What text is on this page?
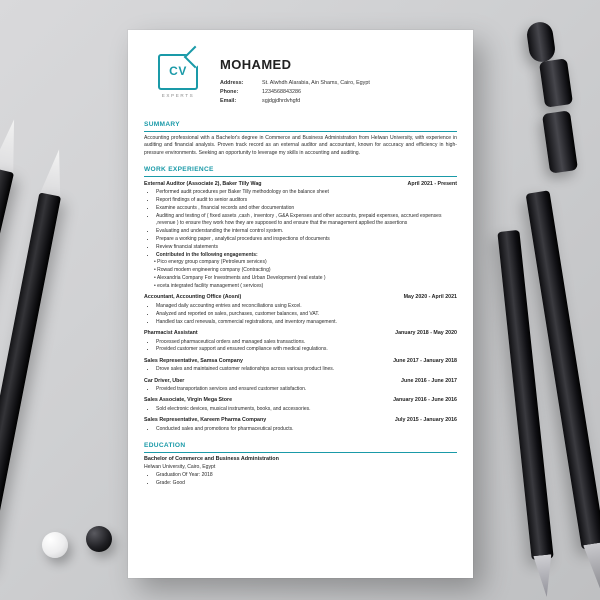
CV
EXPERTS
MOHAMED
Address:	St. Alwhdh Alarabia, Ain Shams, Cairo, Egypt
Phone:	1234568843286
Email:	sgjdgjdhrdvhgfd
SUMMARY
Accounting professional with a Bachelor's degree in Commerce and Business Administration from Helwan University, with experience in auditing and financial analysis. Proven track record as an external auditor and accountant, known for accuracy and efficiency in high-pressure environments. Seeking an opportunity to leverage my skills in accounting and auditing.
WORK EXPERIENCE
External Auditor (Associate 2), Baker Tilly Wag	April 2021 - Present
• Performed audit procedures per Baker Tilly methodology on the balance sheet
• Report findings of audit to senior auditors
• Examine accounts , financial records and other documentation
• Auditing and testing of ( fixed assets ,cash , inventory , G&A Expenses and other accounts, prepaid expenses, accrued expenses ,revenue ) to ensure they work how they are supposed to and ensure that the management applied the assertions
• Evaluating and understanding the internal control system.
• Prepare a working paper , analytical procedures and inspections of documents
• Review financial statements
• Contributed in the following engagements:
• Pico energy group company (Petroleum services)
• Rowad modern engineering company (Contracting)
• Alexandria Company For Investments and Urban Development (real estate )
• eceta integrated facility management ( services)
Accountant, Accounting Office (Aosni)	May 2020 - April 2021
• Managed daily accounting entries and reconciliations using Excel.
• Analyzed and reported on sales, purchases, customer balances, and VAT.
• Handled tax card renewals, commercial registrations, and inventory management.
Pharmacist Assistant	January 2018 - May 2020
• Processed pharmaceutical orders and managed sales transactions.
• Provided customer support and ensured compliance with medical regulations.
Sales Representative, Samsa Company	June 2017 - January 2018
• Drove sales and maintained customer relationships across various product lines.
Car Driver, Uber	June 2016 - June 2017
• Provided transportation services and ensured customer satisfaction.
Sales Associate, Virgin Mega Store	January 2016 - June 2016
• Sold electronic devices, musical instruments, books, and accessories.
Sales Representative, Kareem Pharma Company	July 2015 - January 2016
• Conducted sales and promotions for pharmaceutical products.
EDUCATION
Bachelor of Commerce and Business Administration
Helwan University, Cairo, Egypt
• Graduation Of Year: 2018
• Grade: Good
